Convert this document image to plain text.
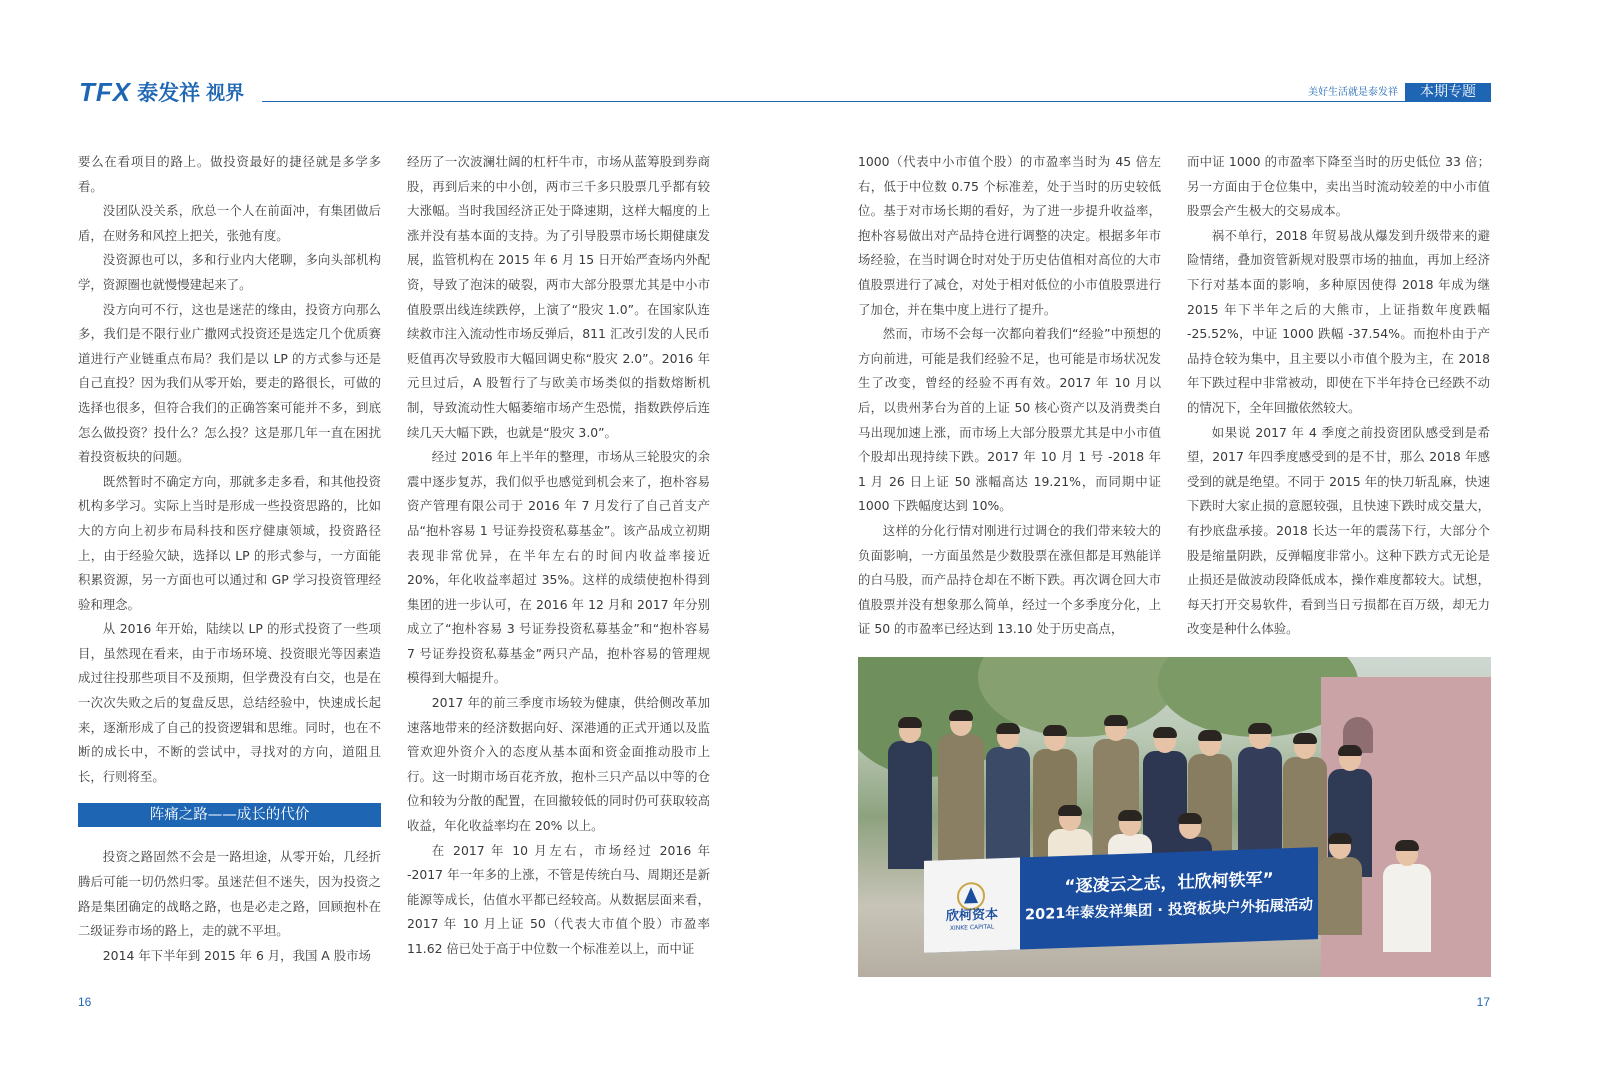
TFX 泰发祥 视界	美好生活就是泰发祥	本期专题

要么在看项目的路上。做投资最好的捷径就是多学多看。

没团队没关系，欣总一个人在前面冲，有集团做后盾，在财务和风控上把关，张弛有度。

没资源也可以，多和行业内大佬聊，多向头部机构学，资源圈也就慢慢建起来了。

没方向可不行，这也是迷茫的缘由，投资方向那么多，我们是不限行业广撒网式投资还是选定几个优质赛道进行产业链重点布局？我们是以 LP 的方式参与还是自己直投？因为我们从零开始，要走的路很长，可做的选择也很多，但符合我们的正确答案可能并不多，到底怎么做投资？投什么？怎么投？这是那几年一直在困扰着投资板块的问题。

既然暂时不确定方向，那就多走多看，和其他投资机构多学习。实际上当时是形成一些投资思路的，比如大的方向上初步布局科技和医疗健康领域，投资路径上，由于经验欠缺，选择以 LP 的形式参与，一方面能积累资源，另一方面也可以通过和 GP 学习投资管理经验和理念。

从 2016 年开始，陆续以 LP 的形式投资了一些项目，虽然现在看来，由于市场环境、投资眼光等因素造成过往投那些项目不及预期，但学费没有白交，也是在一次次失败之后的复盘反思，总结经验中，快速成长起来，逐渐形成了自己的投资逻辑和思维。同时，也在不断的成长中，不断的尝试中，寻找对的方向，道阻且长，行则将至。

阵痛之路——成长的代价

投资之路固然不会是一路坦途，从零开始，几经折腾后可能一切仍然归零。虽迷茫但不迷失，因为投资之路是集团确定的战略之路，也是必走之路，回顾抱朴在二级证券市场的路上，走的就不平坦。

2014 年下半年到 2015 年 6 月，我国 A 股市场

经历了一次波澜壮阔的杠杆牛市，市场从蓝筹股到券商股，再到后来的中小创，两市三千多只股票几乎都有较大涨幅。当时我国经济正处于降速期，这样大幅度的上涨并没有基本面的支持。为了引导股票市场长期健康发展，监管机构在 2015 年 6 月 15 日开始严查场内外配资，导致了泡沫的破裂，两市大部分股票尤其是中小市值股票出线连续跌停，上演了“股灾 1.0”。在国家队连续救市注入流动性市场反弹后，811 汇改引发的人民币贬值再次导致股市大幅回调史称“股灾 2.0”。2016 年元旦过后，A 股暂行了与欧美市场类似的指数熔断机制，导致流动性大幅萎缩市场产生恐慌，指数跌停后连续几天大幅下跌，也就是“股灾 3.0”。

经过 2016 年上半年的整理，市场从三轮股灾的余震中逐步复苏，我们似乎也感觉到机会来了，抱朴容易资产管理有限公司于 2016 年 7 月发行了自己首支产品“抱朴容易 1 号证券投资私募基金”。该产品成立初期表现非常优异，在半年左右的时间内收益率接近 20%，年化收益率超过 35%。这样的成绩使抱朴得到集团的进一步认可，在 2016 年 12 月和 2017 年分别成立了“抱朴容易 3 号证券投资私募基金”和“抱朴容易 7 号证券投资私募基金”两只产品，抱朴容易的管理规模得到大幅提升。

2017 年的前三季度市场较为健康，供给侧改革加速落地带来的经济数据向好、深港通的正式开通以及监管欢迎外资介入的态度从基本面和资金面推动股市上行。这一时期市场百花齐放，抱朴三只产品以中等的仓位和较为分散的配置，在回撤较低的同时仍可获取较高收益，年化收益率均在 20% 以上。

在 2017 年 10 月左右，市场经过 2016 年 -2017 年一年多的上涨，不管是传统白马、周期还是新能源等成长，估值水平都已经较高。从数据层面来看，2017 年 10 月上证 50（代表大市值个股）市盈率 11.62 倍已处于高于中位数一个标准差以上，而中证

1000（代表中小市值个股）的市盈率当时为 45 倍左右，低于中位数 0.75 个标准差，处于当时的历史较低位。基于对市场长期的看好，为了进一步提升收益率，抱朴容易做出对产品持仓进行调整的决定。根据多年市场经验，在当时调仓时对处于历史估值相对高位的大市值股票进行了减仓，对处于相对低位的小市值股票进行了加仓，并在集中度上进行了提升。

然而，市场不会每一次都向着我们“经验”中预想的方向前进，可能是我们经验不足，也可能是市场状况发生了改变，曾经的经验不再有效。2017 年 10 月以后，以贵州茅台为首的上证 50 核心资产以及消费类白马出现加速上涨，而市场上大部分股票尤其是中小市值个股却出现持续下跌。2017 年 10 月 1 号 -2018 年 1 月 26 日上证 50 涨幅高达 19.21%，而同期中证 1000 下跌幅度达到 10%。

这样的分化行情对刚进行过调仓的我们带来较大的负面影响，一方面虽然是少数股票在涨但都是耳熟能详的白马股，而产品持仓却在不断下跌。再次调仓回大市值股票并没有想象那么简单，经过一个多季度分化，上证 50 的市盈率已经达到 13.10 处于历史高点，

而中证 1000 的市盈率下降至当时的历史低位 33 倍；另一方面由于仓位集中，卖出当时流动较差的中小市值股票会产生极大的交易成本。

祸不单行，2018 年贸易战从爆发到升级带来的避险情绪，叠加资管新规对股票市场的抽血，再加上经济下行对基本面的影响，多种原因使得 2018 年成为继 2015 年下半年之后的大熊市，上证指数年度跌幅 -25.52%，中证 1000 跌幅 -37.54%。而抱朴由于产品持仓较为集中，且主要以小市值个股为主，在 2018 年下跌过程中非常被动，即使在下半年持仓已经跌不动的情况下，全年回撤依然较大。

如果说 2017 年 4 季度之前投资团队感受到是希望，2017 年四季度感受到的是不甘，那么 2018 年感受到的就是绝望。不同于 2015 年的快刀斩乱麻，快速下跌时大家止损的意愿较强，且快速下跌时成交量大，有抄底盘承接。2018 长达一年的震荡下行，大部分个股是缩量阴跌，反弹幅度非常小。这种下跌方式无论是止损还是做波动段降低成本，操作难度都较大。试想，每天打开交易软件，看到当日亏损都在百万级，却无力改变是种什么体验。

欣柯资本
XINKE CAPITAL
“逐凌云之志，壮欣柯铁军”
2021年泰发祥集团 · 投资板块户外拓展活动
16	17
